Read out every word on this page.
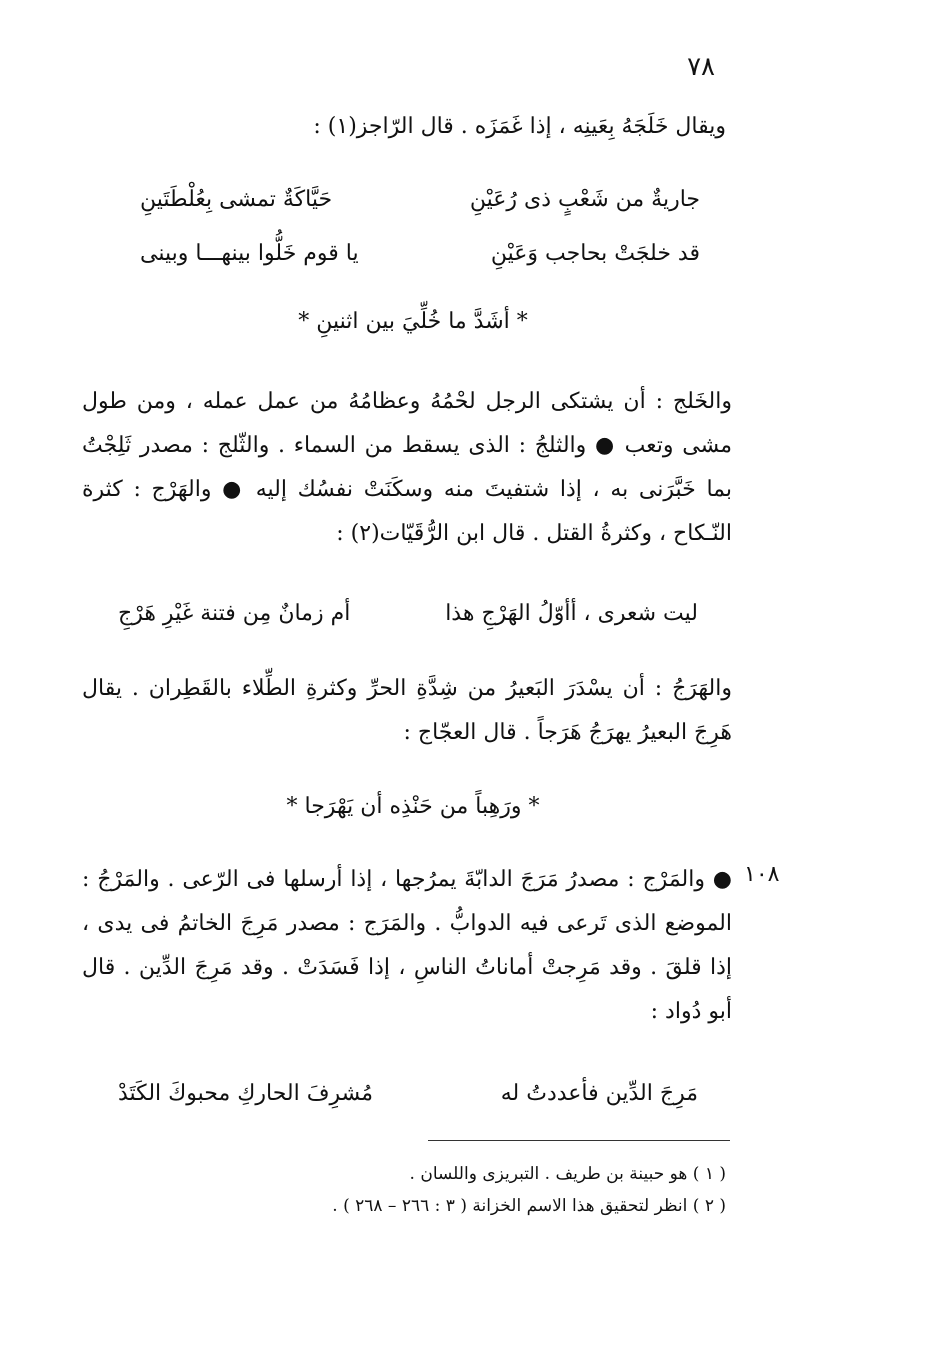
٧٨
ويقال خَلَجَهُ بِعَينِه ، إذا غَمَزَه . قال الرّاجز(١) :
جاريةٌ من شَعْبٍ ذى رُعَيْنِ
حَيَّاكَةٌ تمشى بِعُلْطَتَينِ
قد خلجَتْ بحاجب وَعَيْنِ
يا قوم خَلُّوا بينهـــا وبينى
* أشَدَّ ما خُلِّيَ بين اثنينِ *

والخَلج : أن يشتكى الرجل لحْمُهُ وعظامُهُ من عمل عمله ، ومن طول مشى وتعب ● والثلجُ : الذى يسقط من السماء . والثّلج : مصدر ثَلِجْتُ بما خَبَّرَنى به ، إذا شتفيتَ منه وسكَنَتْ نفسُك إليه ● والهَرْج : كثرة النّـكاح ، وكثرةُ القتل . قال ابن الرُّقَيّات(٢) :

ليت شعرى ، أأوّلُ الهَرْجِ هذا
أم زمانٌ مِن فتنة غَيْرِ هَرْجِ

والهَرَجُ : أن يسْدَرَ البَعيرُ من شِدَّةِ الحرِّ وكثرةِ الطِّلاء بالقَطِران . يقال هَرِجَ البعيرُ يهرَجُ هَرَجاً . قال العجّاج :

* ورَهِباً من حَنْذِه أن يَهْرَجا *
١٠٨

● والمَرْج : مصدرُ مَرَجَ الدابّةَ يمرُجها ، إذا أرسلها فى الرّعى . والمَرْجُ : الموضع الذى تَرعى فيه الدوابُّ . والمَرَج : مصدر مَرِجَ الخاتمُ فى يدى ، إذا قلقَ . وقد مَرِجتْ أماناتُ الناسِ ، إذا فَسَدَتْ . وقد مَرِجَ الدِّين . قال أبو دُواد :

مَرِجَ الدِّين فأعددتُ له
مُشرِفَ الحاركِ محبوكَ الكَتَدْ
( ١ ) هو حبينة بن طريف . التبريزى واللسان .
( ٢ ) انظر لتحقيق هذا الاسم الخزانة ( ٣ : ٢٦٦ – ٢٦٨ ) .
